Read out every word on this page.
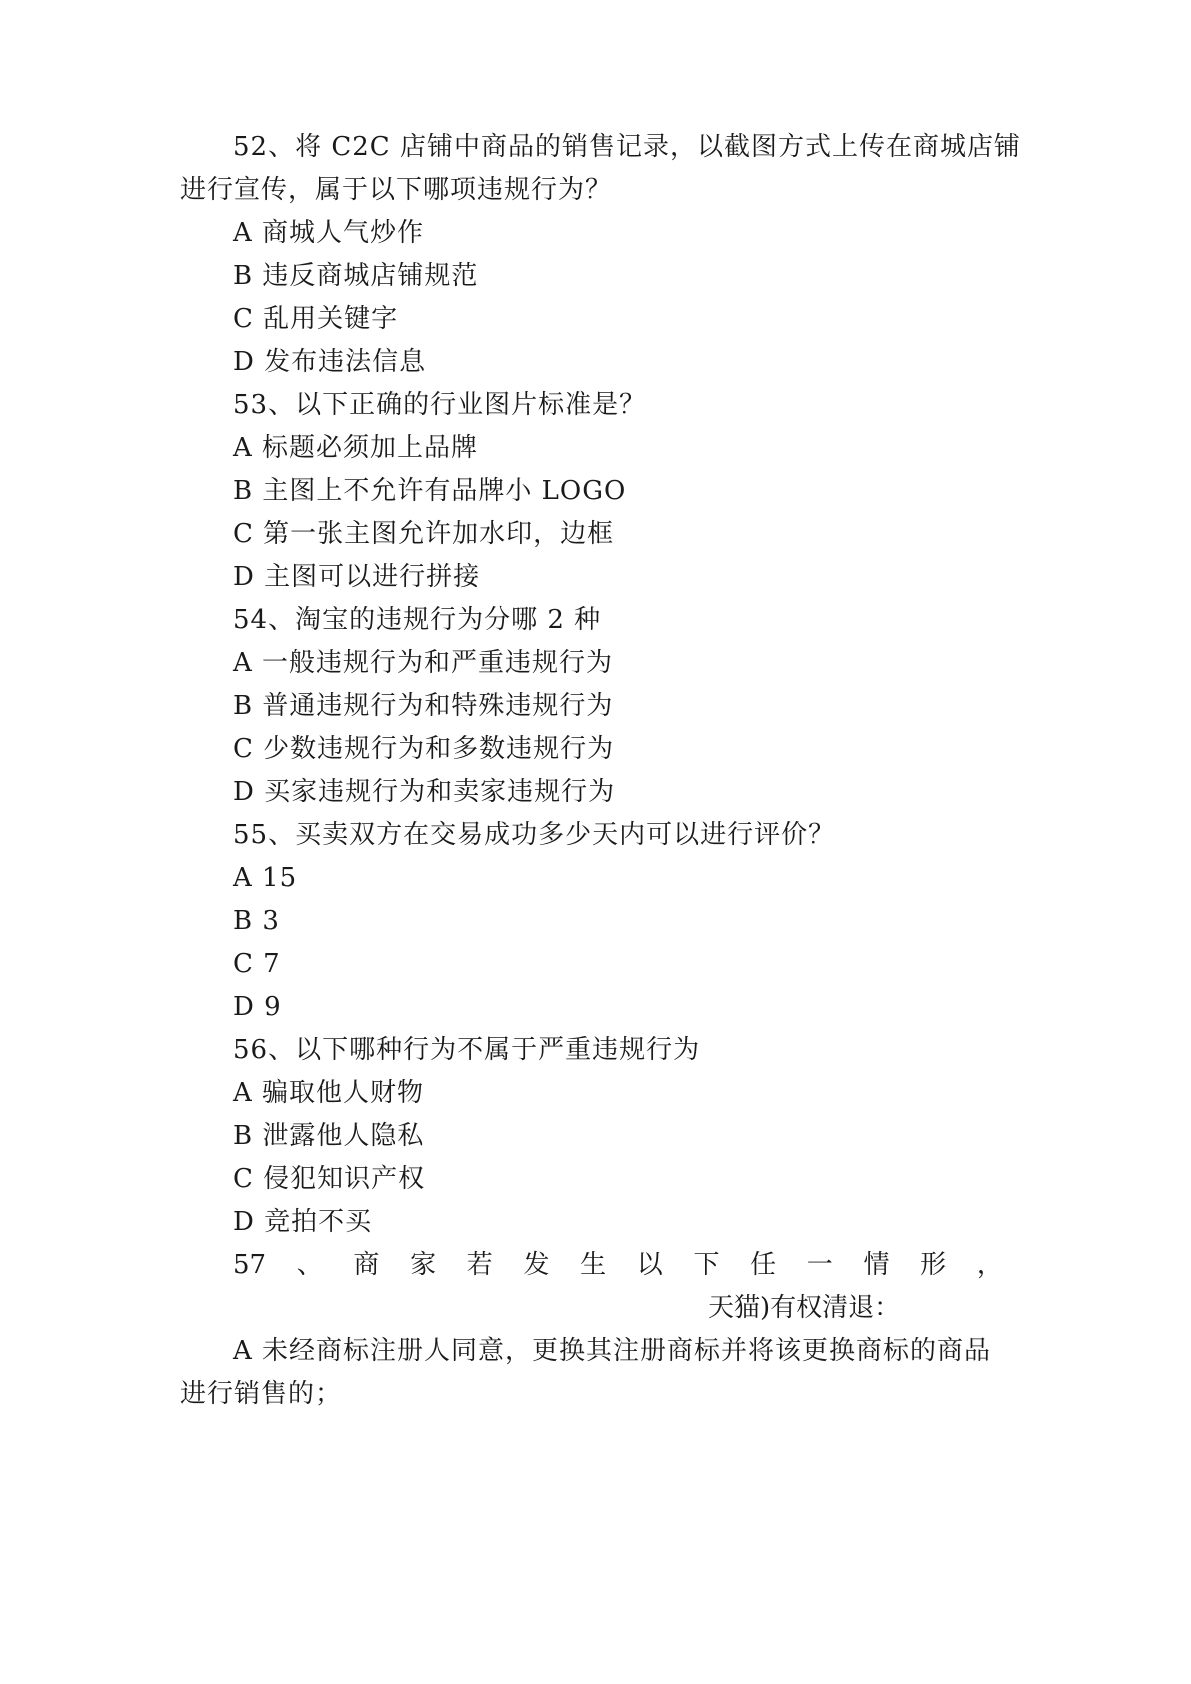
52、将 C2C 店铺中商品的销售记录，以截图方式上传在商城店铺
进行宣传，属于以下哪项违规行为？
A 商城人气炒作
B 违反商城店铺规范
C 乱用关键字
D 发布违法信息
53、以下正确的行业图片标准是？
A 标题必须加上品牌
B 主图上不允许有品牌小 LOGO
C 第一张主图允许加水印，边框
D 主图可以进行拼接
54、淘宝的违规行为分哪 2 种
A 一般违规行为和严重违规行为
B 普通违规行为和特殊违规行为
C 少数违规行为和多数违规行为
D 买家违规行为和卖家违规行为
55、买卖双方在交易成功多少天内可以进行评价？
A 15
B 3
C 7
D 9
56、以下哪种行为不属于严重违规行为
A 骗取他人财物
B 泄露他人隐私
C 侵犯知识产权
D 竞拍不买
57 、 商 家 若 发 生 以 下 任 一 情 形 ，
天猫)有权清退：
A 未经商标注册人同意，更换其注册商标并将该更换商标的商品
进行销售的；
